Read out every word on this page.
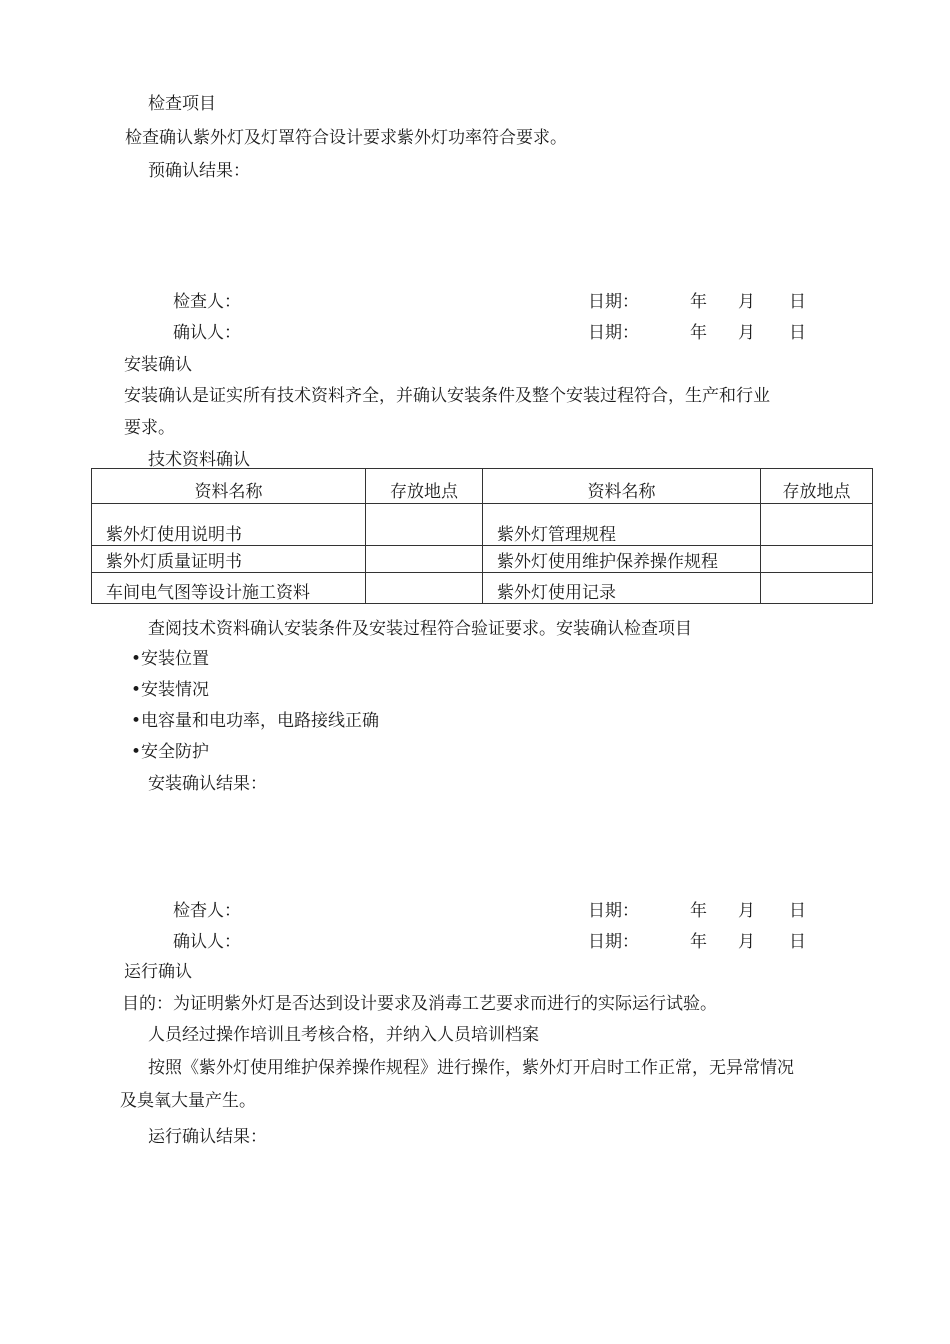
检查项目
检查确认紫外灯及灯罩符合设计要求紫外灯功率符合要求。
预确认结果：
检查人：	日期：	年 月 日
确认人：	日期：	年 月 日
安装确认
安装确认是证实所有技术资料齐全，并确认安装条件及整个安装过程符合，生产和行业
要求。
技术资料确认
资料名称	存放地点	资料名称	存放地点
紫外灯使用说明书		紫外灯管理规程	
紫外灯质量证明书		紫外灯使用维护保养操作规程	
车间电气图等设计施工资料		紫外灯使用记录	
查阅技术资料确认安装条件及安装过程符合验证要求。安装确认检查项目
•安装位置
•安装情况
•电容量和电功率，电路接线正确
•安全防护
安装确认结果：
检杳人：	日期：	年 月 日
确认人：	日期：	年 月 日
运行确认
目的：为证明紫外灯是否达到设计要求及消毒工艺要求而进行的实际运行试验。
人员经过操作培训且考核合格，并纳入人员培训档案
按照《紫外灯使用维护保养操作规程》进行操作，紫外灯开启时工作正常，无异常情况
及臭氧大量产生。
运行确认结果：
